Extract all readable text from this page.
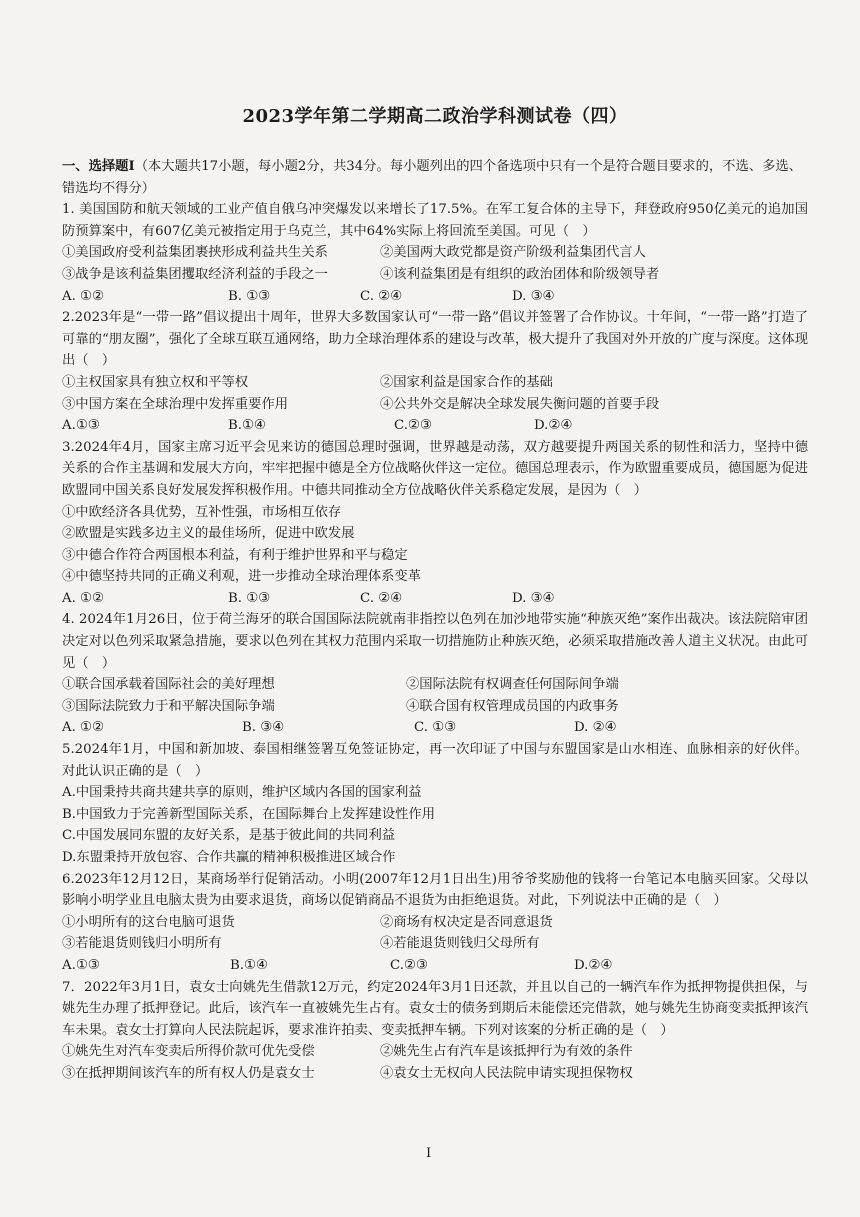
2023学年第二学期高二政治学科测试卷（四）

一、选择题Ⅰ（本大题共17小题，每小题2分，共34分。每小题列出的四个备选项中只有一个是符合题目要求的，不选、多选、错选均不得分）

1. 美国国防和航天领域的工业产值自俄乌冲突爆发以来增长了17.5%。在军工复合体的主导下，拜登政府950亿美元的追加国防预算案中，有607亿美元被指定用于乌克兰，其中64%实际上将回流至美国。可见（　）

①美国政府受利益集团裹挟形成利益共生关系	②美国两大政党都是资产阶级利益集团代言人
③战争是该利益集团攫取经济利益的手段之一	④该利益集团是有组织的政治团体和阶级领导者
A. ①②	B. ①③	C. ②④	D. ③④

2.2023年是“一带一路”倡议提出十周年，世界大多数国家认可“一带一路”倡议并签署了合作协议。十年间，“一带一路”打造了可靠的“朋友圈”，强化了全球互联互通网络，助力全球治理体系的建设与改革，极大提升了我国对外开放的广度与深度。这体现出（　）

①主权国家具有独立权和平等权	②国家利益是国家合作的基础
③中国方案在全球治理中发挥重要作用	④公共外交是解决全球发展失衡问题的首要手段
A.①③	B.①④	C.②③	D.②④

3.2024年4月，国家主席习近平会见来访的德国总理时强调，世界越是动荡，双方越要提升两国关系的韧性和活力，坚持中德关系的合作主基调和发展大方向，牢牢把握中德是全方位战略伙伴这一定位。德国总理表示，作为欧盟重要成员，德国愿为促进欧盟同中国关系良好发展发挥积极作用。中德共同推动全方位战略伙伴关系稳定发展，是因为（　）

①中欧经济各具优势，互补性强，市场相互依存

②欧盟是实践多边主义的最佳场所，促进中欧发展

③中德合作符合两国根本利益，有利于维护世界和平与稳定

④中德坚持共同的正确义利观，进一步推动全球治理体系变革

A. ①②	B. ①③	C. ②④	D. ③④

4. 2024年1月26日，位于荷兰海牙的联合国国际法院就南非指控以色列在加沙地带实施“种族灭绝”案作出裁决。该法院陪审团决定对以色列采取紧急措施，要求以色列在其权力范围内采取一切措施防止种族灭绝，必须采取措施改善人道主义状况。由此可见（　）

①联合国承载着国际社会的美好理想	②国际法院有权调查任何国际间争端
③国际法院致力于和平解决国际争端	④联合国有权管理成员国的内政事务
A. ①②	B. ③④	C. ①③	D. ②④

5.2024年1月，中国和新加坡、泰国相继签署互免签证协定，再一次印证了中国与东盟国家是山水相连、血脉相亲的好伙伴。对此认识正确的是（　）

A.中国秉持共商共建共享的原则，维护区域内各国的国家利益

B.中国致力于完善新型国际关系，在国际舞台上发挥建设性作用

C.中国发展同东盟的友好关系，是基于彼此间的共同利益

D.东盟秉持开放包容、合作共赢的精神积极推进区域合作

6.2023年12月12日，某商场举行促销活动。小明(2007年12月1日出生)用爷爷奖励他的钱将一台笔记本电脑买回家。父母以影响小明学业且电脑太贵为由要求退货，商场以促销商品不退货为由拒绝退货。对此，下列说法中正确的是（　）

①小明所有的这台电脑可退货	②商场有权决定是否同意退货
③若能退货则钱归小明所有	④若能退货则钱归父母所有
A.①③	B.①④	C.②③	D.②④

7．2022年3月1日，袁女士向姚先生借款12万元，约定2024年3月1日还款，并且以自己的一辆汽车作为抵押物提供担保，与姚先生办理了抵押登记。此后，该汽车一直被姚先生占有。袁女士的债务到期后未能偿还完借款，她与姚先生协商变卖抵押该汽车未果。袁女士打算向人民法院起诉，要求准许拍卖、变卖抵押车辆。下列对该案的分析正确的是（　）

①姚先生对汽车变卖后所得价款可优先受偿	②姚先生占有汽车是该抵押行为有效的条件
③在抵押期间该汽车的所有权人仍是袁女士	④袁女士无权向人民法院申请实现担保物权
I
